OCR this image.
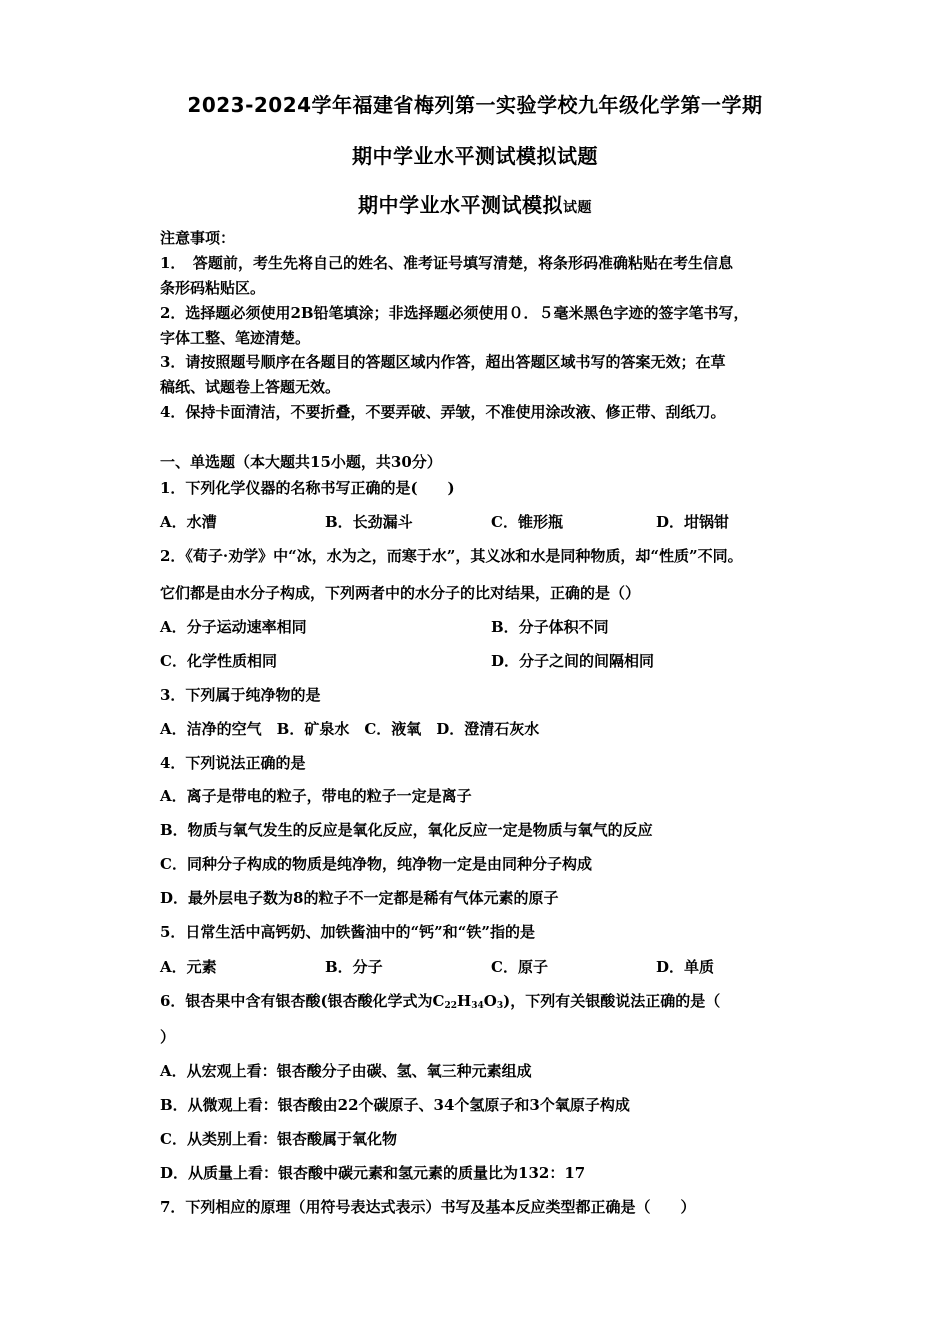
2023-2024学年福建省梅列第一实验学校九年级化学第一学期
期中学业水平测试模拟试题
期中学业水平测试模拟试题
注意事项：
1．　答题前，考生先将自己的姓名、准考证号填写清楚，将条形码准确粘贴在考生信息
条形码粘贴区。
2．选择题必须使用2B铅笔填涂；非选择题必须使用０．５毫米黑色字迹的签字笔书写，
字体工整、笔迹清楚。
3．请按照题号顺序在各题目的答题区域内作答，超出答题区域书写的答案无效；在草
稿纸、试题卷上答题无效。
4．保持卡面清洁，不要折叠，不要弄破、弄皱，不准使用涂改液、修正带、刮纸刀。
一、单选题（本大题共15小题，共30分）
1．下列化学仪器的名称书写正确的是(　　)
A．水漕	B．长劲漏斗	C．锥形瓶	D．坩锅钳
2．《荀子·劝学》中“冰，水为之，而寒于水”，其义冰和水是同种物质，却“性质”不同。
它们都是由水分子构成，下列两者中的水分子的比对结果，正确的是（）
A．分子运动速率相同	B．分子体积不同
C．化学性质相同	D．分子之间的间隔相同
3．下列属于纯净物的是
A．洁净的空气　B．矿泉水　C．液氧　D．澄清石灰水
4．下列说法正确的是
A．离子是带电的粒子，带电的粒子一定是离子
B．物质与氧气发生的反应是氧化反应，氧化反应一定是物质与氧气的反应
C．同种分子构成的物质是纯净物，纯净物一定是由同种分子构成
D．最外层电子数为8的粒子不一定都是稀有气体元素的原子
5．日常生活中高钙奶、加铁酱油中的“钙”和“铁”指的是
A．元素	B．分子	C．原子	D．单质
6．银杏果中含有银杏酸(银杏酸化学式为$C_{22}H_{34}O_3$)，下列有关银酸说法正确的是（
）
A．从宏观上看：银杏酸分子由碳、氢、氧三种元素组成
B．从微观上看：银杏酸由22个碳原子、34个氢原子和3个氧原子构成
C．从类别上看：银杏酸属于氧化物
D．从质量上看：银杏酸中碳元素和氢元素的质量比为132：17
7．下列相应的原理（用符号表达式表示）书写及基本反应类型都正确是（　　）
